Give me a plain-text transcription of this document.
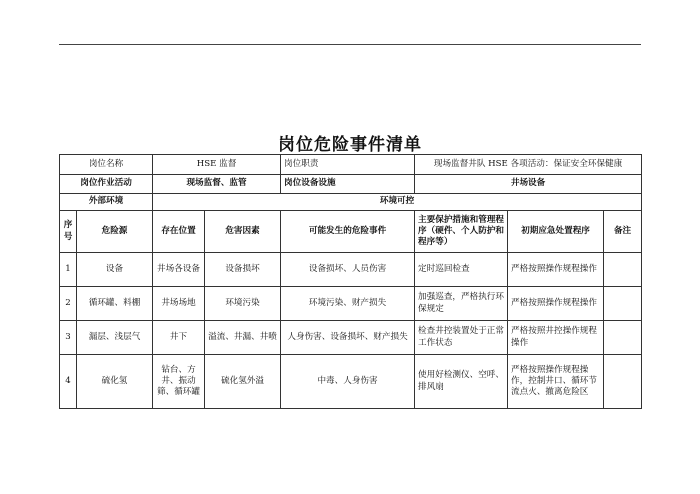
岗位危险事件清单
岗位名称		HSE 监督		岗位职责	现场监督井队 HSE 各项活动：保证安全环保健康		
岗位作业活动		现场监督、监管		岗位设备设施	井场设备		
外部环境		环境可控					
序号	危险源	存在位置	危害因素	可能发生的危险事件	主要保护措施和管理程序（硬件、个人防护和程序等）	初期应急处置程序	备注
1	设备	井场各设备	设备损坏	设备损坏、人员伤害	定时巡回检查	严格按照操作规程操作	
2	循环罐、料棚	井场场地	环境污染	环境污染、财产损失	加强巡查，严格执行环保规定	严格按照操作规程操作	
3	漏层、浅层气	井下	溢流、井漏、井喷	人身伤害、设备损坏、财产损失	检查井控装置处于正常工作状态	严格按照井控操作规程操作	
4	硫化氢	钻台、方井、振动筛、循环罐	硫化氢外溢	中毒、人身伤害	使用好检测仪、空呼、排风扇	严格按照操作规程操作，控制井口、循环节流点火、撤离危险区	
